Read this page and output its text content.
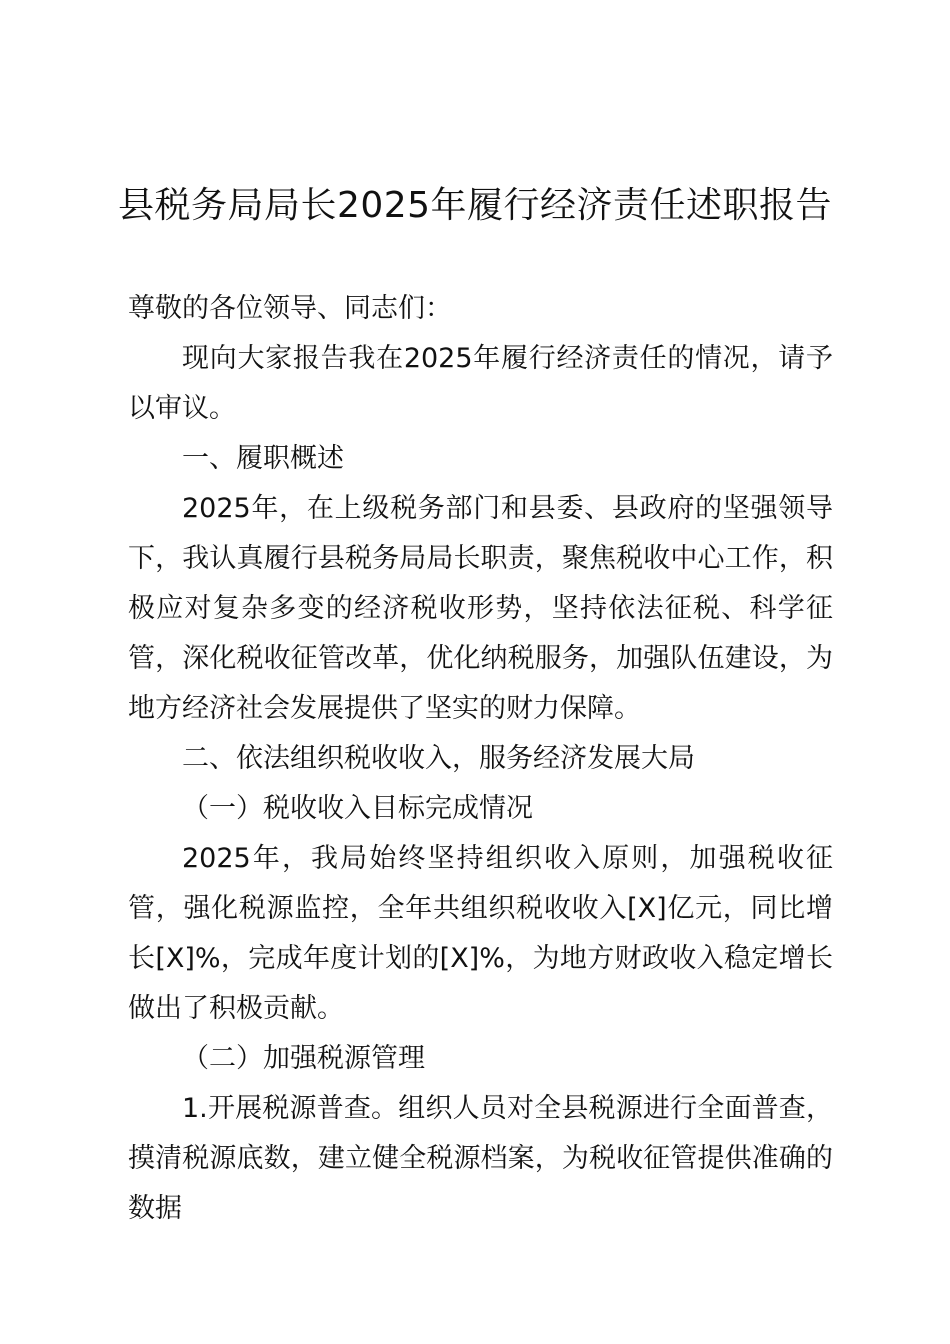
县税务局局长2025年履行经济责任述职报告

尊敬的各位领导、同志们：

现向大家报告我在2025年履行经济责任的情况，请予以审议。

一、履职概述

2025年，在上级税务部门和县委、县政府的坚强领导下，我认真履行县税务局局长职责，聚焦税收中心工作，积极应对复杂多变的经济税收形势，坚持依法征税、科学征管，深化税收征管改革，优化纳税服务，加强队伍建设，为地方经济社会发展提供了坚实的财力保障。

二、依法组织税收收入，服务经济发展大局

（一）税收收入目标完成情况

2025年，我局始终坚持组织收入原则，加强税收征管，强化税源监控，全年共组织税收收入[X]亿元，同比增长[X]%，完成年度计划的[X]%，为地方财政收入稳定增长做出了积极贡献。

（二）加强税源管理

1.开展税源普查。组织人员对全县税源进行全面普查，摸清税源底数，建立健全税源档案，为税收征管提供准确的数据
